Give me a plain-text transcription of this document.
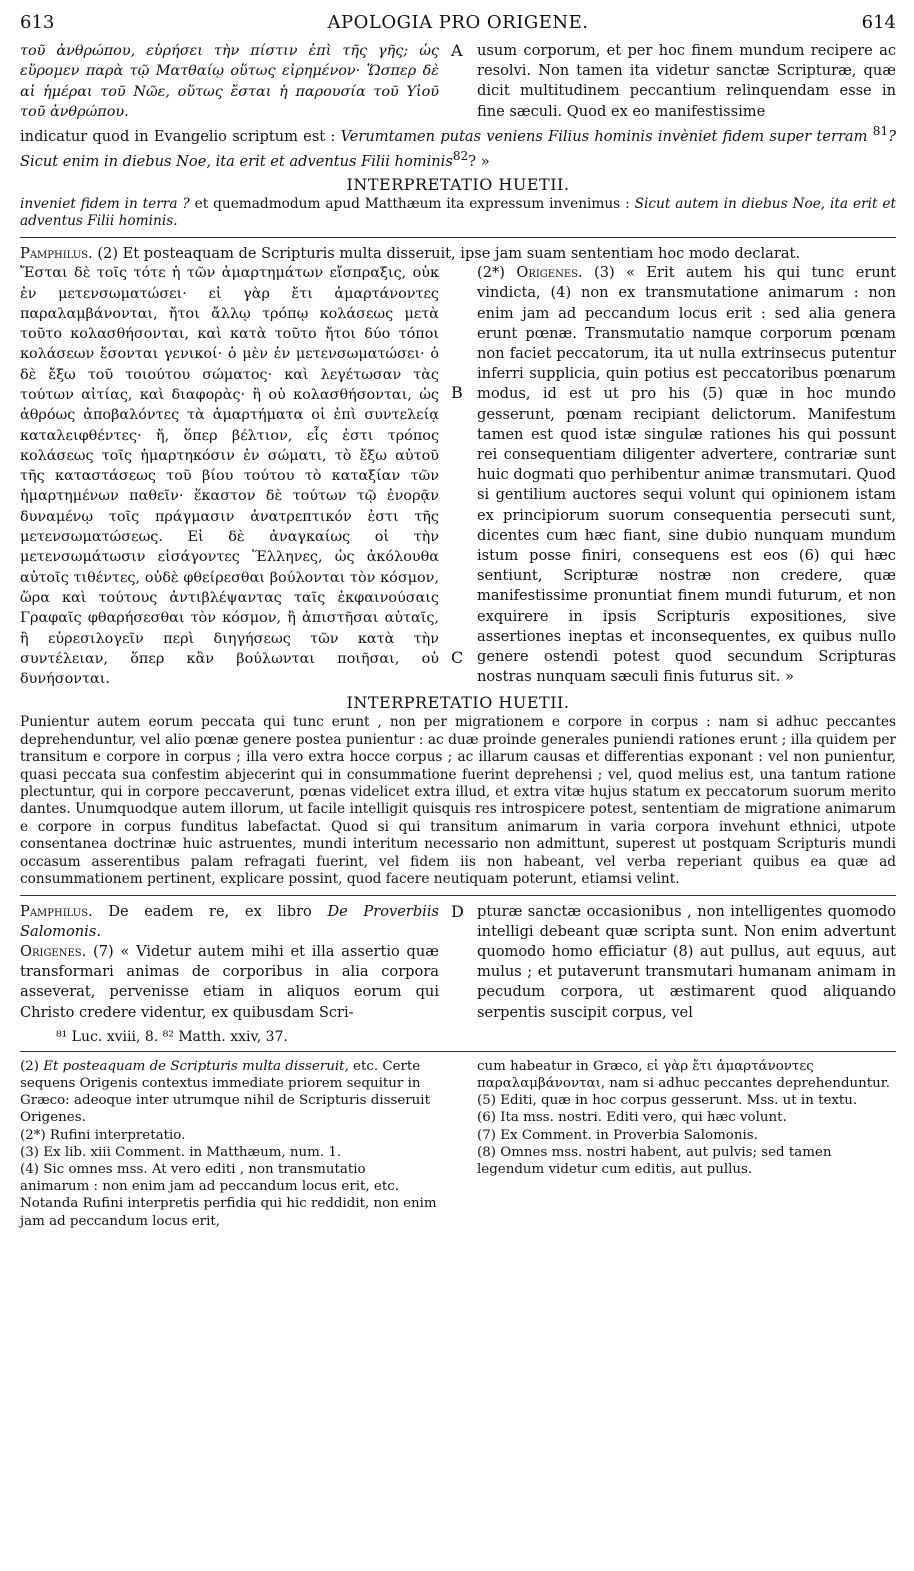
613	APOLOGIA PRO ORIGENE.	614

τοῦ ἀνθρώπου, εὑρήσει τὴν πίστιν ἐπὶ τῆς γῆς; ὡς εὕρομεν παρὰ τῷ Ματθαίῳ οὕτως εἰρημένον· Ὥσπερ δὲ αἱ ἡμέραι τοῦ Νῶε, οὕτως ἔσται ἡ παρουσία τοῦ Υἱοῦ τοῦ ἀνθρώπου.

A usum corporum, et per hoc finem mundum recipere ac resolvi. Non tamen ita videtur sanctæ Scripturæ, quæ dicit multitudinem peccantium relinquendam esse in fine sæculi. Quod ex eo manifestissime

indicatur quod in Evangelio scriptum est : Verumtamen putas veniens Filius hominis invèniet fidem super terram $^{81}$? Sicut enim in diebus Noe, ita erit et adventus Filii hominis$^{82}$? »

INTERPRETATIO HUETII.

inveniet fidem in terra ? et quemadmodum apud Matthæum ita expressum invenimus : Sicut autem in diebus Noe, ita erit et adventus Filii hominis.

Pamphilus. (2) Et posteaquam de Scripturis multa disseruit, ipse jam suam sententiam hoc modo declarat.

Ἔσται δὲ τοῖς τότε ἡ τῶν ἁμαρτημάτων εἴσπραξις, οὐκ ἐν μετενσωματώσει· εἰ γὰρ ἔτι ἁμαρτάνοντες παραλαμβάνονται, ἤτοι ἄλλῳ τρόπῳ κολάσεως μετὰ τοῦτο κολασθήσονται, καὶ κατὰ τοῦτο ἤτοι δύο τόποι κολάσεων ἔσονται γενικοί· ὁ μὲν ἐν μετενσωματώσει· ὁ δὲ ἔξω τοῦ τοιούτου σώματος· καὶ λεγέτωσαν τὰς τούτων αἰτίας, καὶ διαφορὰς· ἢ οὐ κολασθήσονται, ὡς ἀθρόως ἀποβαλόντες τὰ ἁμαρτήματα οἱ ἐπὶ συντελείᾳ καταλειφθέντες· ἤ, ὅπερ βέλτιον, εἷς ἐστι τρόπος κολάσεως τοῖς ἡμαρτηκόσιν ἐν σώματι, τὸ ἔξω αὐτοῦ τῆς καταστάσεως τοῦ βίου τούτου τὸ καταξίαν τῶν ἡμαρτημένων παθεῖν· ἕκαστον δὲ τούτων τῷ ἐνορᾷν δυναμένῳ τοῖς πράγμασιν ἀνατρεπτικόν ἐστι τῆς μετενσωματώσεως. Εἰ δὲ ἀναγκαίως οἱ τὴν μετενσωμάτωσιν εἰσάγοντες Ἕλληνες, ὡς ἀκόλουθα αὐτοῖς τιθέντες, οὐδὲ φθείρεσθαι βούλονται τὸν κόσμον, ὥρα καὶ τούτους ἀντιβλέψαντας ταῖς ἐκφαινούσαις Γραφαῖς φθαρήσεσθαι τὸν κόσμον, ἢ ἀπιστῆσαι αὐταῖς, ἢ εὑρεσιλογεῖν περὶ διηγήσεως τῶν κατὰ τὴν συντέλειαν, ὅπερ κἂν βούλωνται ποιῆσαι, οὐ δυνήσονται.

B
C

(2*) Origenes. (3) « Erit autem his qui tunc erunt vindicta, (4) non ex transmutatione animarum : non enim jam ad peccandum locus erit : sed alia genera erunt pœnæ. Transmutatio namque corporum pœnam non faciet peccatorum, ita ut nulla extrinsecus putentur inferri supplicia, quin potius est peccatoribus pœnarum modus, id est ut pro his (5) quæ in hoc mundo gesserunt, pœnam recipiant delictorum. Manifestum tamen est quod istæ singulæ rationes his qui possunt rei consequentiam diligenter advertere, contrariæ sunt huic dogmati quo perhibentur animæ transmutari. Quod si gentilium auctores sequi volunt qui opinionem istam ex principiorum suorum consequentia persecuti sunt, dicentes cum hæc fiant, sine dubio nunquam mundum istum posse finiri, consequens est eos (6) qui hæc sentiunt, Scripturæ nostræ non credere, quæ manifestissime pronuntiat finem mundi futurum, et non exquirere in ipsis Scripturis expositiones, sive assertiones ineptas et inconsequentes, ex quibus nullo genere ostendi potest quod secundum Scripturas nostras nunquam sæculi finis futurus sit. »

INTERPRETATIO HUETII.

Punientur autem eorum peccata qui tunc erunt , non per migrationem e corpore in corpus : nam si adhuc peccantes deprehenduntur, vel alio pœnæ genere postea punientur : ac duæ proinde generales puniendi rationes erunt ; illa quidem per transitum e corpore in corpus ; illa vero extra hocce corpus ; ac illarum causas et differentias exponant : vel non punientur, quasi peccata sua confestim abjecerint qui in consummatione fuerint deprehensi ; vel, quod melius est, una tantum ratione plectuntur, qui in corpore peccaverunt, pœnas videlicet extra illud, et extra vitæ hujus statum ex peccatorum suorum merito dantes. Unumquodque autem illorum, ut facile intelligit quisquis res introspicere potest, sententiam de migratione animarum e corpore in corpus funditus labefactat. Quod si qui transitum animarum in varia corpora invehunt ethnici, utpote consentanea doctrinæ huic astruentes, mundi interitum necessario non admittunt, superest ut postquam Scripturis mundi occasum asserentibus palam refragati fuerint, vel fidem iis non habeant, vel verba reperiant quibus ea quæ ad consummationem pertinent, explicare possint, quod facere neutiquam poterunt, etiamsi velint.

Pamphilus. De eadem re, ex libro De Proverbiis Salomonis.

Origenes. (7) « Videtur autem mihi et illa assertio quæ transformari animas de corporibus in alia corpora asseverat, pervenisse etiam in aliquos eorum qui Christo credere videntur, ex quibusdam Scri-

D pturæ sanctæ occasionibus , non intelligentes quomodo intelligi debeant quæ scripta sunt. Non enim advertunt quomodo homo efficiatur (8) aut pullus, aut equus, aut mulus ; et putaverunt transmutari humanam animam in pecudum corpora, ut æstimarent quod aliquando serpentis suscipit corpus, vel

⁸¹ Luc. xviii, 8. ⁸² Matth. xxiv, 37.

(2) Et posteaquam de Scripturis multa disseruit, etc. Certe sequens Origenis contextus immediate priorem sequitur in Græco: adeoque inter utrumque nihil de Scripturis disseruit Origenes.

(2*) Rufini interpretatio.

(3) Ex lib. xiii Comment. in Matthæum, num. 1.

(4) Sic omnes mss. At vero editi , non transmutatio animarum : non enim jam ad peccandum locus erit, etc. Notanda Rufini interpretis perfidia qui hic reddidit, non enim jam ad peccandum locus erit,

cum habeatur in Græco, εἰ γὰρ ἔτι ἁμαρτάνοντες παραλαμβάνονται, nam si adhuc peccantes deprehenduntur.

(5) Editi, quæ in hoc corpus gesserunt. Mss. ut in textu.

(6) Ita mss. nostri. Editi vero, qui hæc volunt.

(7) Ex Comment. in Proverbia Salomonis.

(8) Omnes mss. nostri habent, aut pulvis; sed tamen legendum videtur cum editis, aut pullus.
